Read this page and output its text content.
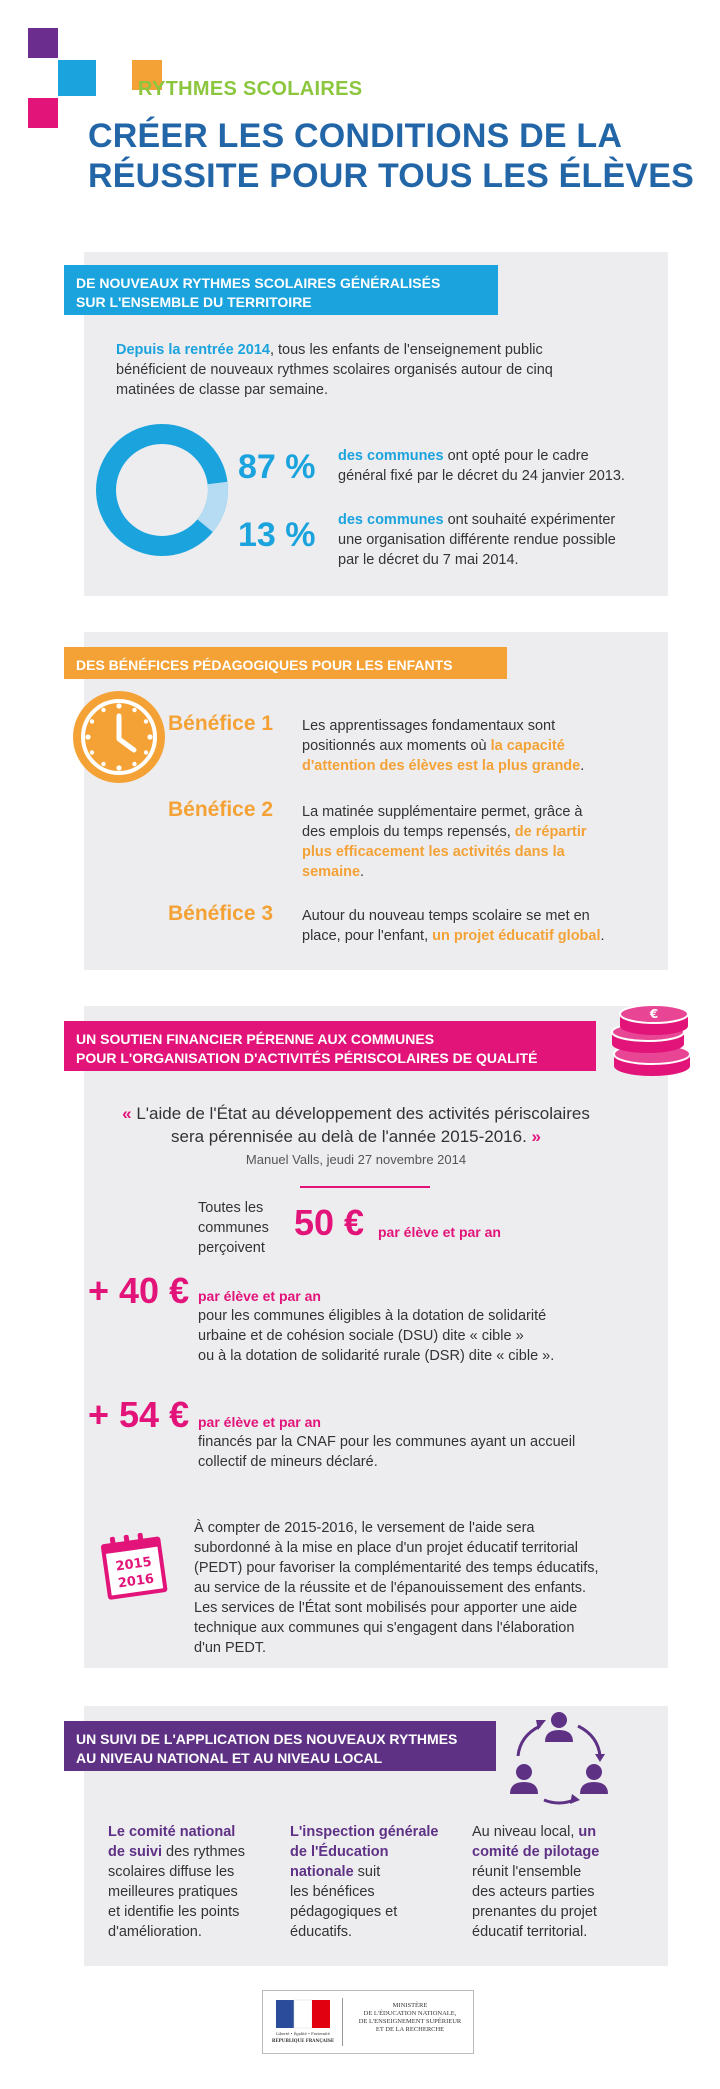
RYTHMES SCOLAIRES
CRÉER LES CONDITIONS DE LA
RÉUSSITE POUR TOUS LES ÉLÈVES
DE NOUVEAUX RYTHMES SCOLAIRES GÉNÉRALISÉS
SUR L'ENSEMBLE DU TERRITOIRE
Depuis la rentrée 2014, tous les enfants de l'enseignement public
bénéficient de nouveaux rythmes scolaires organisés autour de cinq
matinées de classe par semaine.
87 % des communes ont opté pour le cadre
général fixé par le décret du 24 janvier 2013.
13 % des communes ont souhaité expérimenter
une organisation différente rendue possible
par le décret du 7 mai 2014.
DES BÉNÉFICES PÉDAGOGIQUES POUR LES ENFANTS
Bénéfice 1 Les apprentissages fondamentaux sont
positionnés aux moments où la capacité
d'attention des élèves est la plus grande.
Bénéfice 2 La matinée supplémentaire permet, grâce à
des emplois du temps repensés, de répartir
plus efficacement les activités dans la
semaine.
Bénéfice 3 Autour du nouveau temps scolaire se met en
place, pour l'enfant, un projet éducatif global.
UN SOUTIEN FINANCIER PÉRENNE AUX COMMUNES
POUR L'ORGANISATION D'ACTIVITÉS PÉRISCOLAIRES DE QUALITÉ
€
« L'aide de l'État au développement des activités périscolaires
sera pérennisée au delà de l'année 2015-2016. »
Manuel Valls, jeudi 27 novembre 2014
Toutes les
communes
perçoivent
50 € par élève et par an
+ 40 € par élève et par an
pour les communes éligibles à la dotation de solidarité
urbaine et de cohésion sociale (DSU) dite « cible »
ou à la dotation de solidarité rurale (DSR) dite « cible ».
+ 54 € par élève et par an
financés par la CNAF pour les communes ayant un accueil
collectif de mineurs déclaré.
2015
2016
À compter de 2015-2016, le versement de l'aide sera
subordonné à la mise en place d'un projet éducatif territorial
(PEDT) pour favoriser la complémentarité des temps éducatifs,
au service de la réussite et de l'épanouissement des enfants.
Les services de l'État sont mobilisés pour apporter une aide
technique aux communes qui s'engagent dans l'élaboration
d'un PEDT.
UN SUIVI DE L'APPLICATION DES NOUVEAUX RYTHMES
AU NIVEAU NATIONAL ET AU NIVEAU LOCAL
Le comité national
de suivi des rythmes
scolaires diffuse les
meilleures pratiques
et identifie les points
d'amélioration.
L'inspection générale
de l'Éducation
nationale suit
les bénéfices
pédagogiques et
éducatifs.
Au niveau local, un
comité de pilotage
réunit l'ensemble
des acteurs parties
prenantes du projet
éducatif territorial.
Liberté • Égalité • Fraternité
RÉPUBLIQUE FRANÇAISE
MINISTÈRE
DE L'ÉDUCATION NATIONALE,
DE L'ENSEIGNEMENT SUPÉRIEUR
ET DE LA RECHERCHE
